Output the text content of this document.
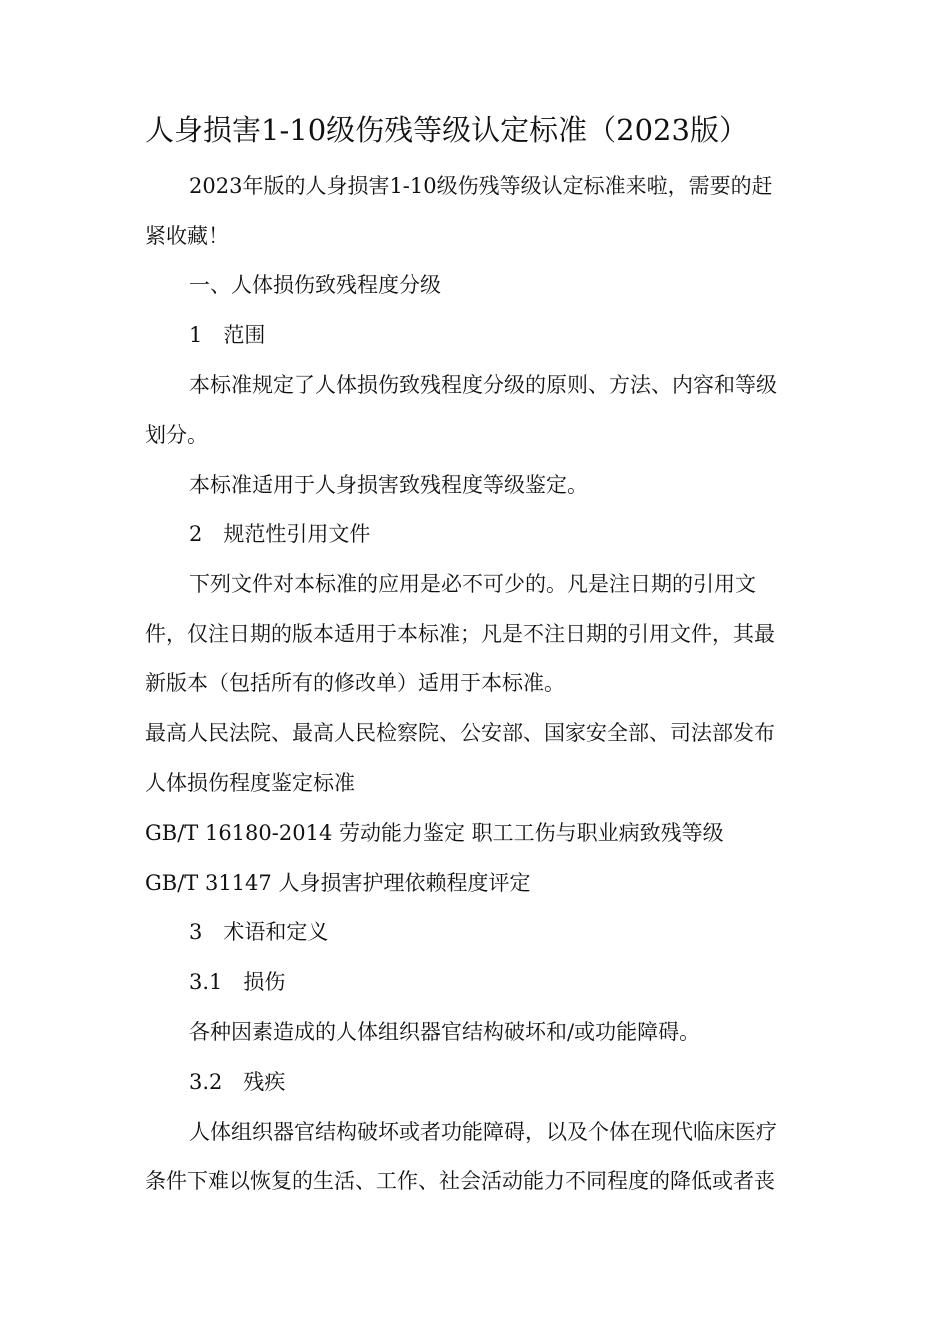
人身损害1-10级伤残等级认定标准（2023版）
2023年版的人身损害1-10级伤残等级认定标准来啦，需要的赶
紧收藏！
一、人体损伤致残程度分级
1　范围
本标准规定了人体损伤致残程度分级的原则、方法、内容和等级
划分。
本标准适用于人身损害致残程度等级鉴定。
2　规范性引用文件
下列文件对本标准的应用是必不可少的。凡是注日期的引用文
件，仅注日期的版本适用于本标准；凡是不注日期的引用文件，其最
新版本（包括所有的修改单）适用于本标准。
最高人民法院、最高人民检察院、公安部、国家安全部、司法部发布
人体损伤程度鉴定标准
GB/T 16180-2014 劳动能力鉴定 职工工伤与职业病致残等级
GB/T 31147 人身损害护理依赖程度评定
3　术语和定义
3.1　损伤
各种因素造成的人体组织器官结构破坏和/或功能障碍。
3.2　残疾
人体组织器官结构破坏或者功能障碍，以及个体在现代临床医疗
条件下难以恢复的生活、工作、社会活动能力不同程度的降低或者丧
